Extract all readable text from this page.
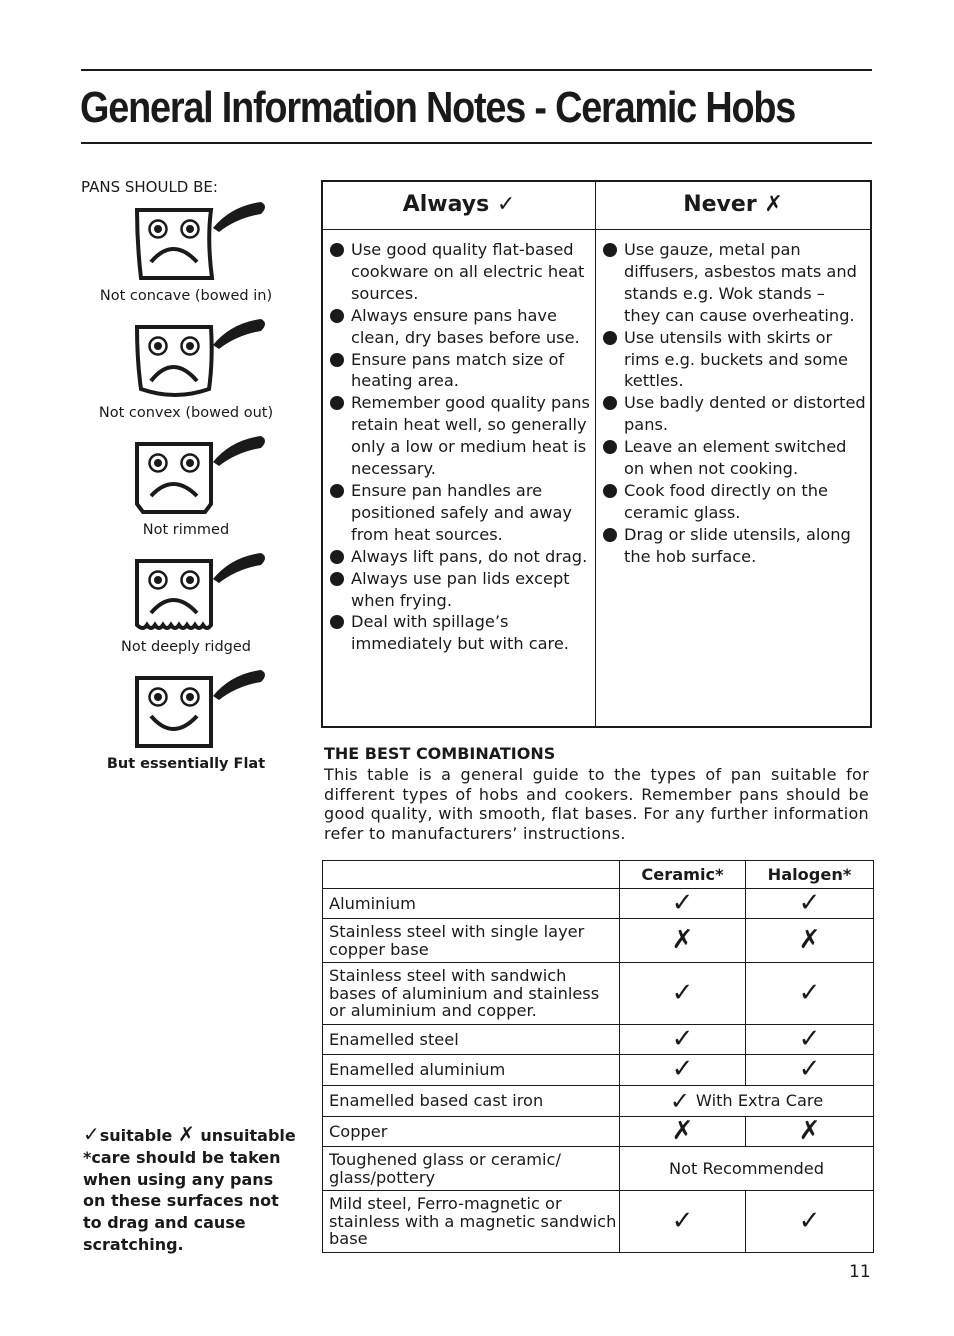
General Information Notes - Ceramic Hobs
PANS SHOULD BE:
Not concave (bowed in)
Not convex (bowed out)
Not rimmed
Not deeply ridged
But essentially Flat
✓suitable ✗ unsuitable
*care should be taken when using any pans on these surfaces not to drag and cause scratching.
Always ✓
Use good quality flat-based cookware on all electric heat sources.
Always ensure pans have clean, dry bases before use.
Ensure pans match size of heating area.
Remember good quality pans retain heat well, so generally only a low or medium heat is necessary.
Ensure pan handles are positioned safely and away from heat sources.
Always lift pans, do not drag.
Always use pan lids except when frying.
Deal with spillage’s immediately but with care.
Never ✗
Use gauze, metal pan diffusers, asbestos mats and stands e.g. Wok stands – they can cause overheating.
Use utensils with skirts or rims e.g. buckets and some kettles.
Use badly dented or distorted pans.
Leave an element switched on when not cooking.
Cook food directly on the ceramic glass.
Drag or slide utensils, along the hob surface.
THE BEST COMBINATIONS
This table is a general guide to the types of pan suitable for different types of hobs and cookers. Remember pans should be good quality, with smooth, flat bases. For any further information refer to manufacturers’ instructions.
	Ceramic*	Halogen*
Aluminium	✓	✓
Stainless steel with single layer copper base	✗	✗
Stainless steel with sandwich bases of aluminium and stainless or aluminium and copper.	✓	✓
Enamelled steel	✓	✓
Enamelled aluminium	✓	✓
Enamelled based cast iron	✓ With Extra Care	
Copper	✗	✗
Toughened glass or ceramic/ glass/pottery	Not Recommended	
Mild steel, Ferro-magnetic or stainless with a magnetic sandwich base	✓	✓
11
